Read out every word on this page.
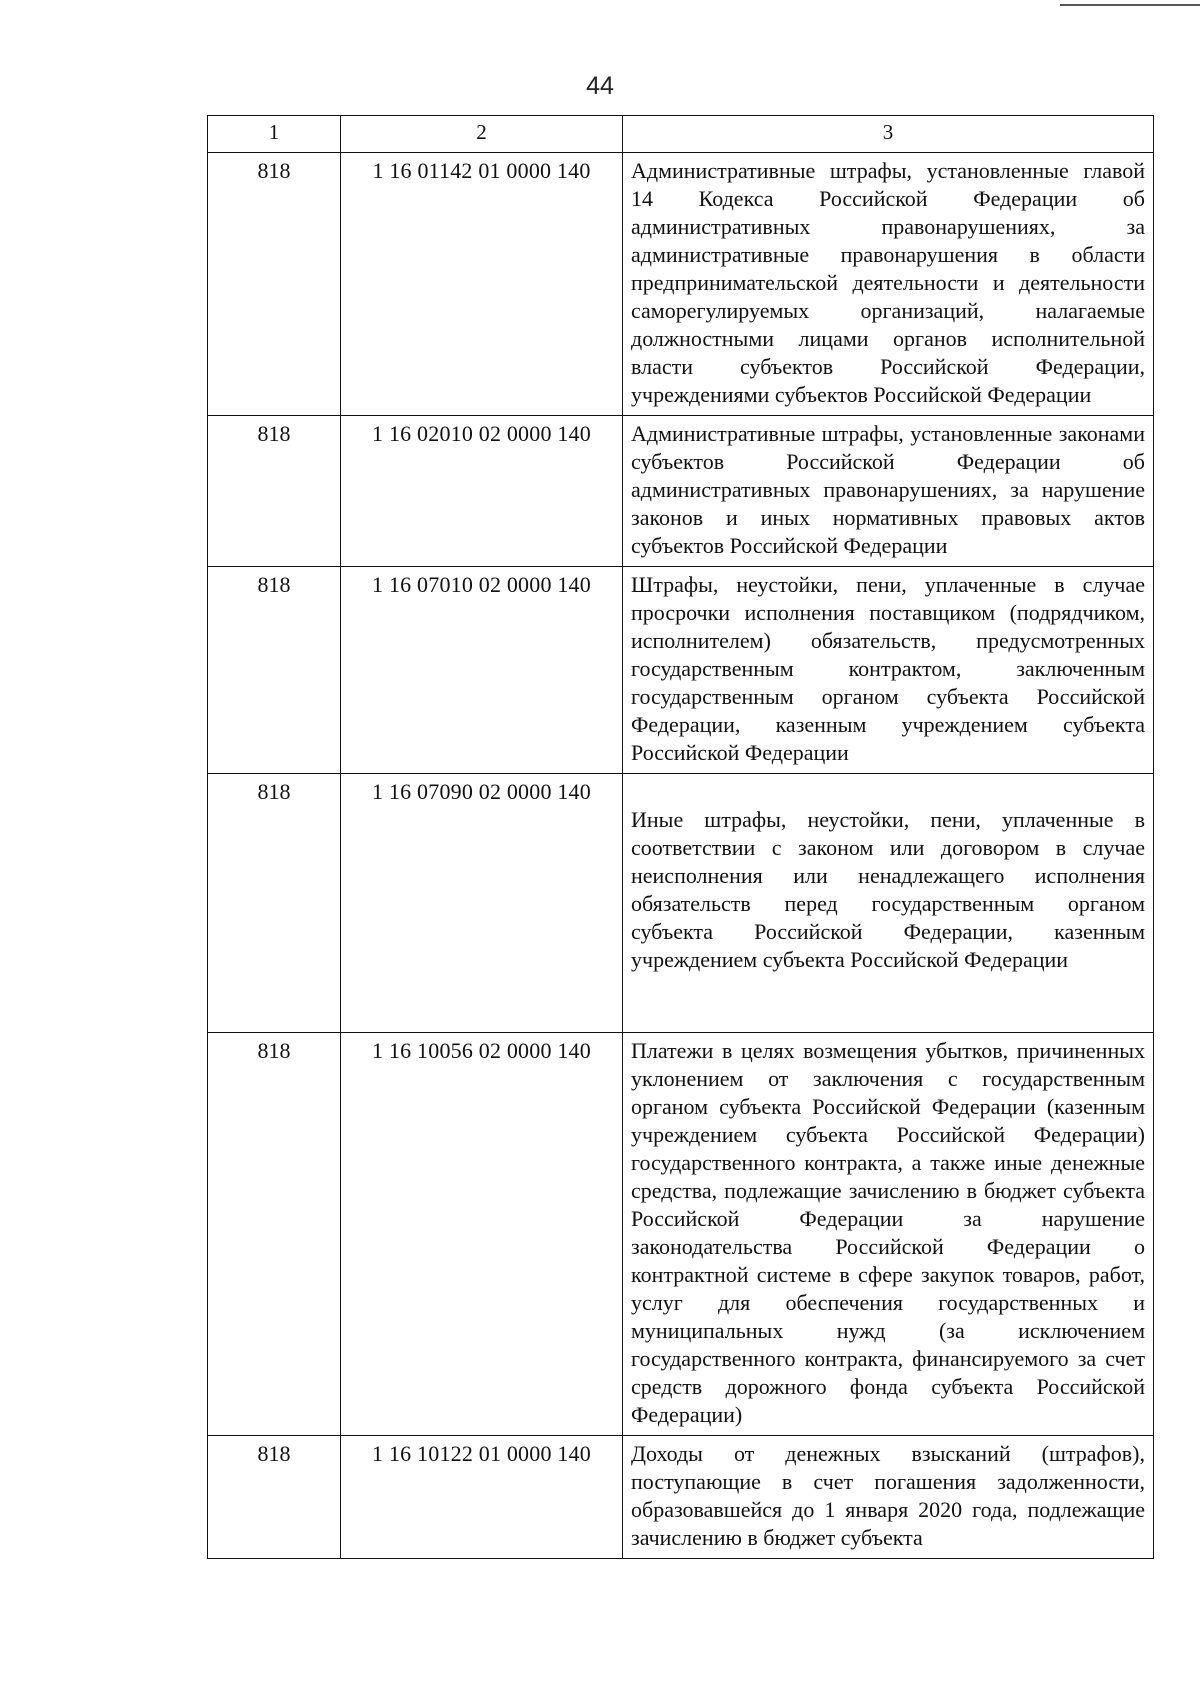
44
1	2	3
818	1 16 01142 01 0000 140	Административные штрафы, установленные главой 14 Кодекса Российской Федерации об административных правонарушениях, за административные правонарушения в области предпринимательской деятельности и деятельности саморегулируемых организаций, налагаемые должностными лицами органов исполнительной власти субъектов Российской Федерации, учреждениями субъектов Российской Федерации
818	1 16 02010 02 0000 140	Административные штрафы, установленные законами субъектов Российской Федерации об административных правонарушениях, за нарушение законов и иных нормативных правовых актов субъектов Российской Федерации
818	1 16 07010 02 0000 140	Штрафы, неустойки, пени, уплаченные в случае просрочки исполнения поставщиком (подрядчиком, исполнителем) обязательств, предусмотренных государственным контрактом, заключенным государственным органом субъекта Российской Федерации, казенным учреждением субъекта Российской Федерации
818	1 16 07090 02 0000 140	Иные штрафы, неустойки, пени, уплаченные в соответствии с законом или договором в случае неисполнения или ненадлежащего исполнения обязательств перед государственным органом субъекта Российской Федерации, казенным учреждением субъекта Российской Федерации
818	1 16 10056 02 0000 140	Платежи в целях возмещения убытков, причиненных уклонением от заключения с государственным органом субъекта Российской Федерации (казенным учреждением субъекта Российской Федерации) государственного контракта, а также иные денежные средства, подлежащие зачислению в бюджет субъекта Российской Федерации за нарушение законодательства Российской Федерации о контрактной системе в сфере закупок товаров, работ, услуг для обеспечения государственных и муниципальных нужд (за исключением государственного контракта, финансируемого за счет средств дорожного фонда субъекта Российской Федерации)
818	1 16 10122 01 0000 140	Доходы от денежных взысканий (штрафов), поступающие в счет погашения задолженности, образовавшейся до 1 января 2020 года, подлежащие зачислению в бюджет субъекта
